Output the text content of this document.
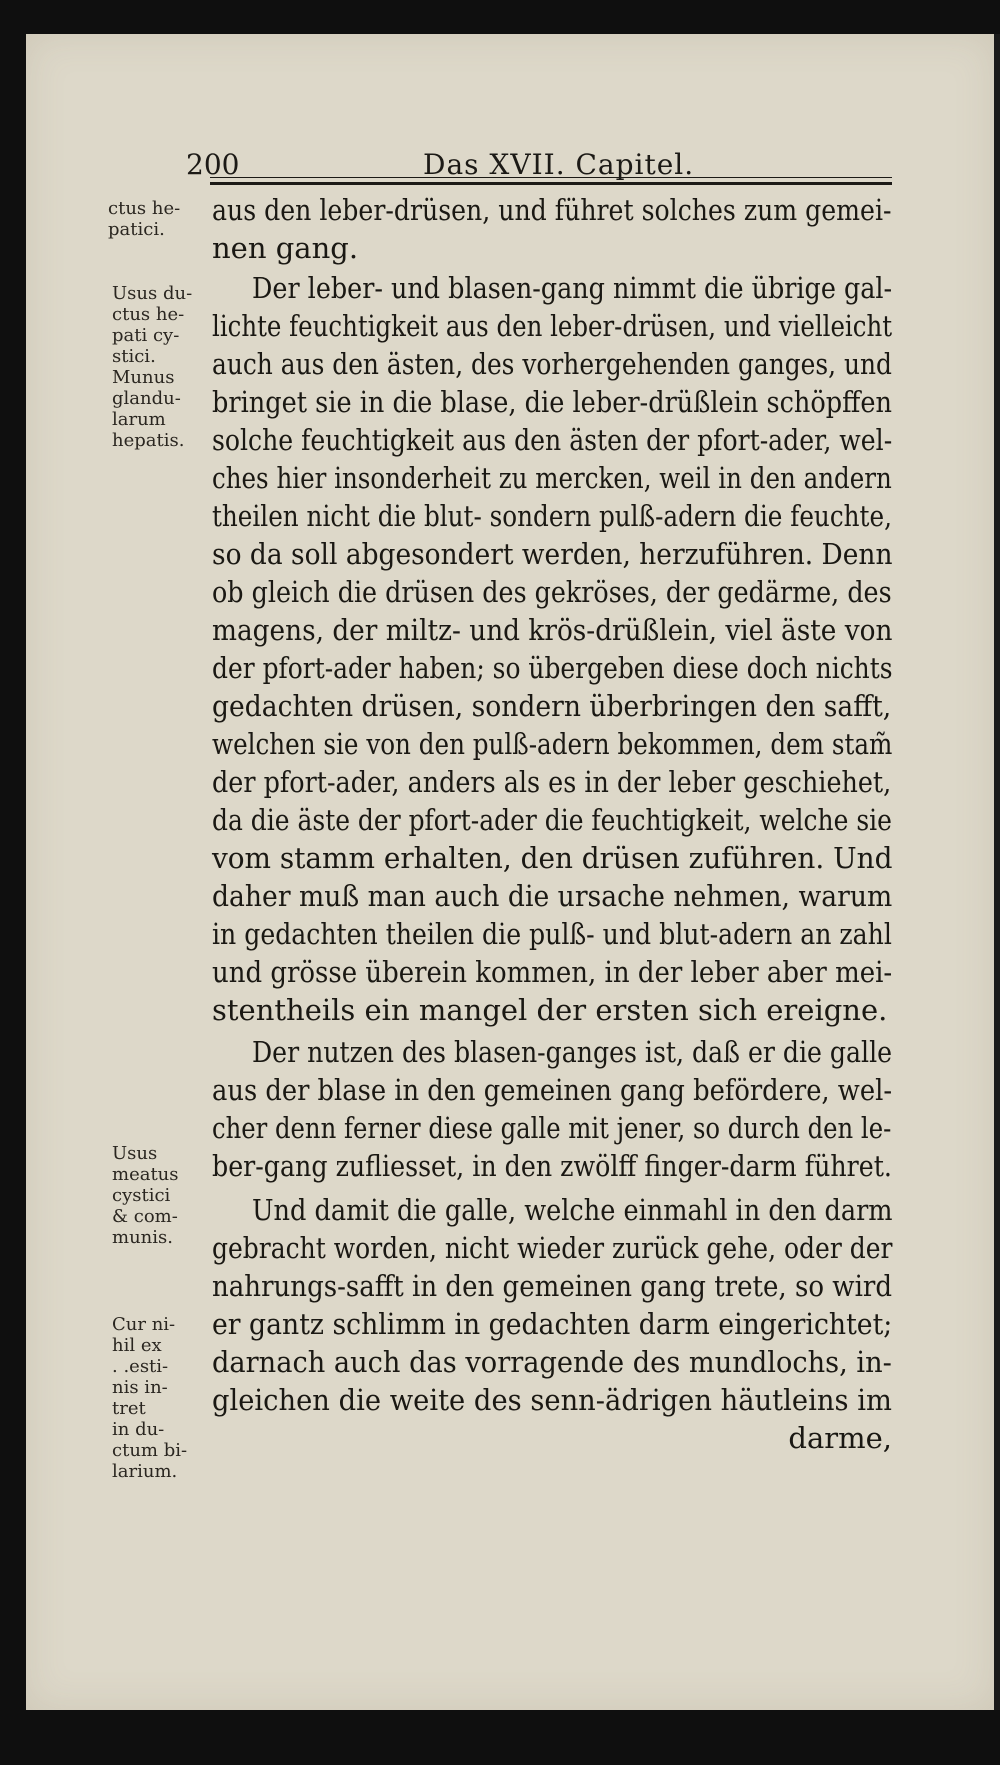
200	Das XVII. Capitel.
aus den leber-drüsen, und führet solches zum gemei-
nen gang.
Der leber- und blasen-gang nimmt die übrige gal-
lichte feuchtigkeit aus den leber-drüsen, und vielleicht
auch aus den ästen, des vorhergehenden ganges, und
bringet sie in die blase, die leber-drüßlein schöpffen
solche feuchtigkeit aus den ästen der pfort-ader, wel-
ches hier insonderheit zu mercken, weil in den andern
theilen nicht die blut- sondern pulß-adern die feuchte,
so da soll abgesondert werden, herzuführen. Denn
ob gleich die drüsen des gekröses, der gedärme, des
magens, der miltz- und krös-drüßlein, viel äste von
der pfort-ader haben; so übergeben diese doch nichts
gedachten drüsen, sondern überbringen den safft,
welchen sie von den pulß-adern bekommen, dem stam̃
der pfort-ader, anders als es in der leber geschiehet,
da die äste der pfort-ader die feuchtigkeit, welche sie
vom stamm erhalten, den drüsen zuführen. Und
daher muß man auch die ursache nehmen, warum
in gedachten theilen die pulß- und blut-adern an zahl
und grösse überein kommen, in der leber aber mei-
stentheils ein mangel der ersten sich ereigne.
Der nutzen des blasen-ganges ist, daß er die galle
aus der blase in den gemeinen gang befördere, wel-
cher denn ferner diese galle mit jener, so durch den le-
ber-gang zufliesset, in den zwölff finger-darm führet.
Und damit die galle, welche einmahl in den darm
gebracht worden, nicht wieder zurück gehe, oder der
nahrungs-safft in den gemeinen gang trete, so wird
er gantz schlimm in gedachten darm eingerichtet;
darnach auch das vorragende des mundlochs, in-
gleichen die weite des senn-ädrigen häutleins im
darme,
ctus he-
patici.
Usus du-
ctus he-
pati cy-
stici.
Munus
glandu-
larum
hepatis.
Usus
meatus
cystici
& com-
munis.
Cur ni-
hil ex
. .esti-
nis in-
tret
in du-
ctum bi-
larium.
